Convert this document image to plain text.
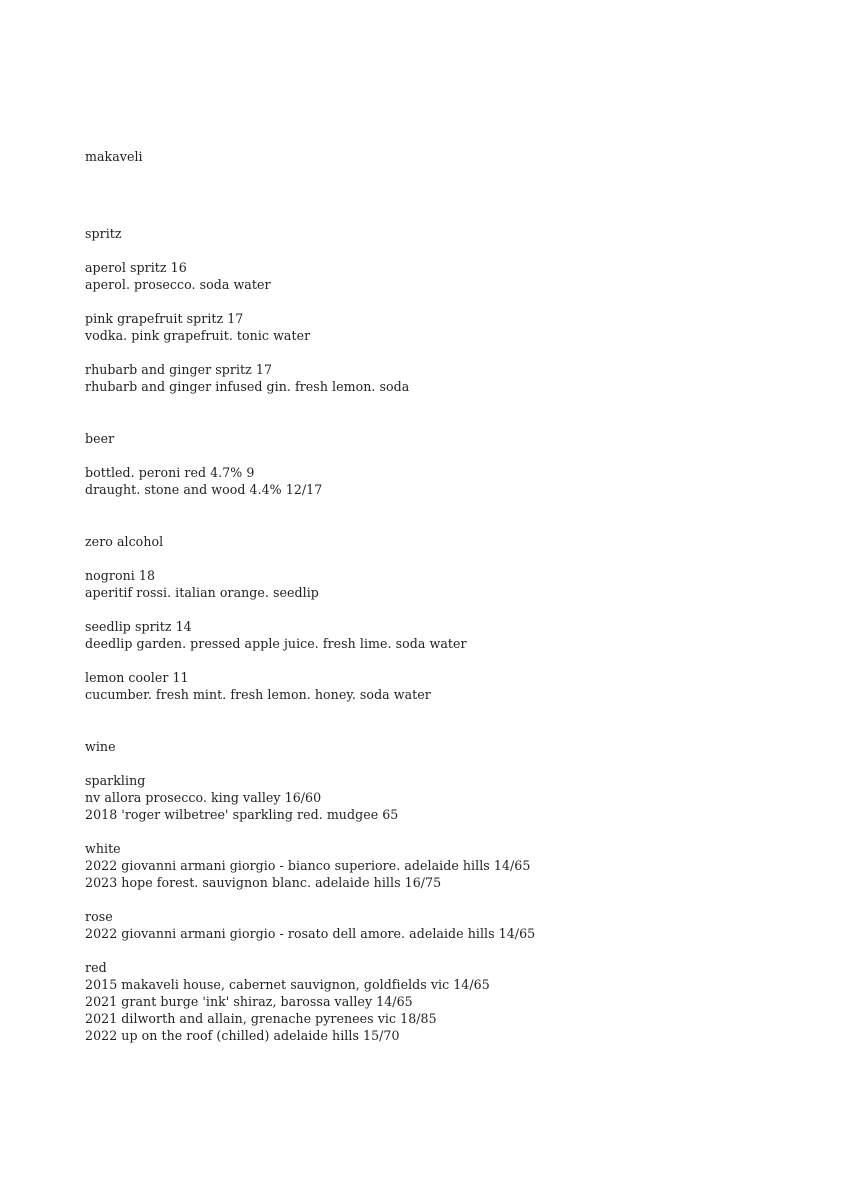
makaveli
spritz
aperol spritz 16
aperol. prosecco. soda water
pink grapefruit spritz 17
vodka. pink grapefruit. tonic water
rhubarb and ginger spritz 17
rhubarb and ginger infused gin. fresh lemon. soda
beer
bottled. peroni red 4.7% 9
draught. stone and wood 4.4% 12/17
zero alcohol
nogroni 18
aperitif rossi. italian orange. seedlip
seedlip spritz 14
deedlip garden. pressed apple juice. fresh lime. soda water
lemon cooler 11
cucumber. fresh mint. fresh lemon. honey. soda water
wine
sparkling
nv allora prosecco. king valley 16/60
2018 'roger wilbetree' sparkling red. mudgee 65
white
2022 giovanni armani giorgio - bianco superiore. adelaide hills 14/65
2023 hope forest. sauvignon blanc. adelaide hills 16/75
rose
2022 giovanni armani giorgio - rosato dell amore. adelaide hills 14/65
red
2015 makaveli house, cabernet sauvignon, goldfields vic 14/65
2021 grant burge 'ink' shiraz, barossa valley 14/65
2021 dilworth and allain, grenache pyrenees vic 18/85
2022 up on the roof (chilled) adelaide hills 15/70
